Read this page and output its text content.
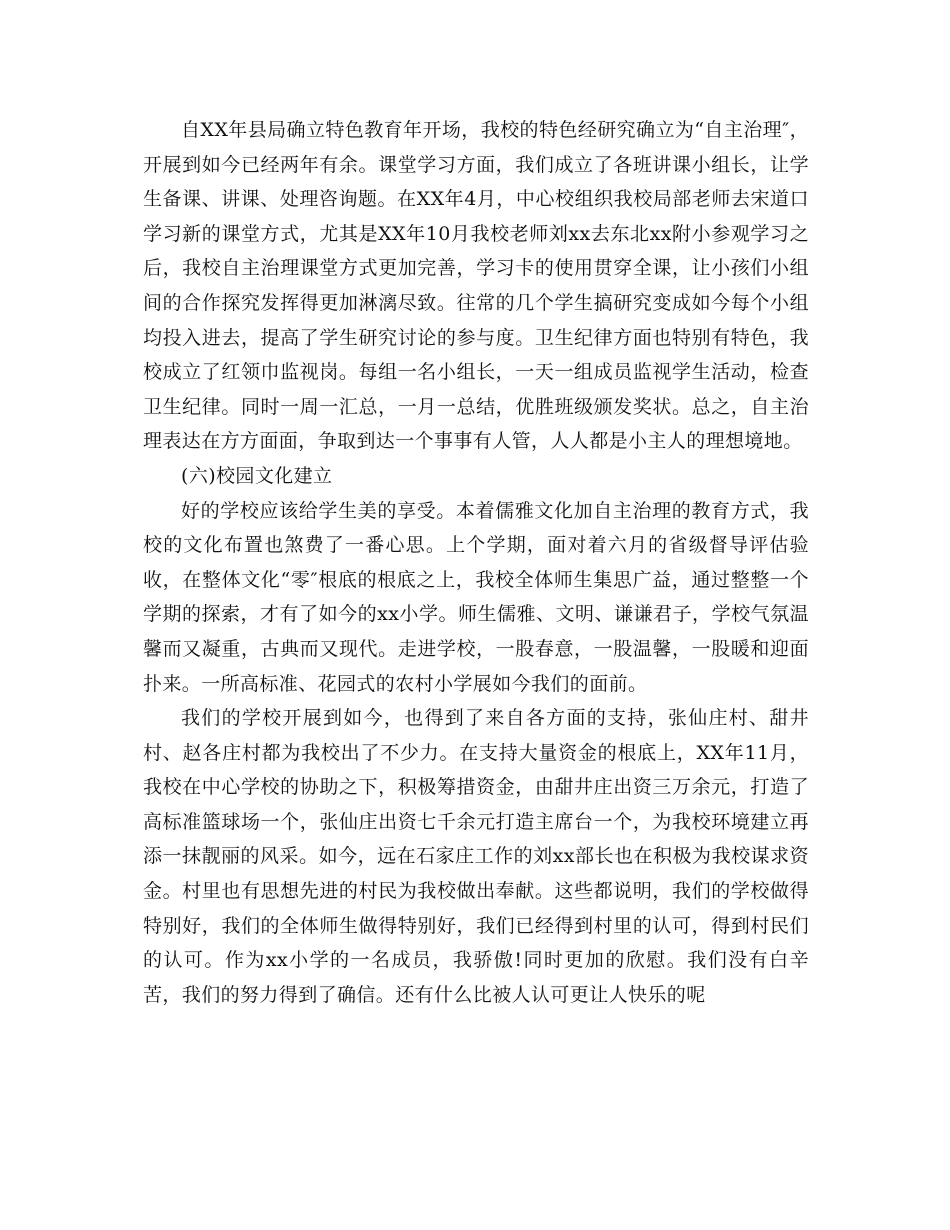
自XX年县局确立特色教育年开场，我校的特色经研究确立为“自主治理″，开展到如今已经两年有余。课堂学习方面，我们成立了各班讲课小组长，让学生备课、讲课、处理咨询题。在XX年4月，中心校组织我校局部老师去宋道口学习新的课堂方式，尤其是XX年10月我校老师刘xx去东北xx附小参观学习之后，我校自主治理课堂方式更加完善，学习卡的使用贯穿全课，让小孩们小组间的合作探究发挥得更加淋漓尽致。往常的几个学生搞研究变成如今每个小组均投入进去，提高了学生研究讨论的参与度。卫生纪律方面也特别有特色，我校成立了红领巾监视岗。每组一名小组长，一天一组成员监视学生活动，检查卫生纪律。同时一周一汇总，一月一总结，优胜班级颁发奖状。总之，自主治理表达在方方面面，争取到达一个事事有人管，人人都是小主人的理想境地。

(六)校园文化建立

好的学校应该给学生美的享受。本着儒雅文化加自主治理的教育方式，我校的文化布置也煞费了一番心思。上个学期，面对着六月的省级督导评估验收，在整体文化“零″根底的根底之上，我校全体师生集思广益，通过整整一个学期的探索，才有了如今的xx小学。师生儒雅、文明、谦谦君子，学校气氛温馨而又凝重，古典而又现代。走进学校，一股春意，一股温馨，一股暖和迎面扑来。一所高标准、花园式的农村小学展如今我们的面前。

我们的学校开展到如今，也得到了来自各方面的支持，张仙庄村、甜井村、赵各庄村都为我校出了不少力。在支持大量资金的根底上，XX年11月，我校在中心学校的协助之下，积极筹措资金，由甜井庄出资三万余元，打造了高标准篮球场一个，张仙庄出资七千余元打造主席台一个，为我校环境建立再添一抹靓丽的风采。如今，远在石家庄工作的刘xx部长也在积极为我校谋求资金。村里也有思想先进的村民为我校做出奉献。这些都说明，我们的学校做得特别好，我们的全体师生做得特别好，我们已经得到村里的认可，得到村民们的认可。作为xx小学的一名成员，我骄傲!同时更加的欣慰。我们没有白辛苦，我们的努力得到了确信。还有什么比被人认可更让人快乐的呢
